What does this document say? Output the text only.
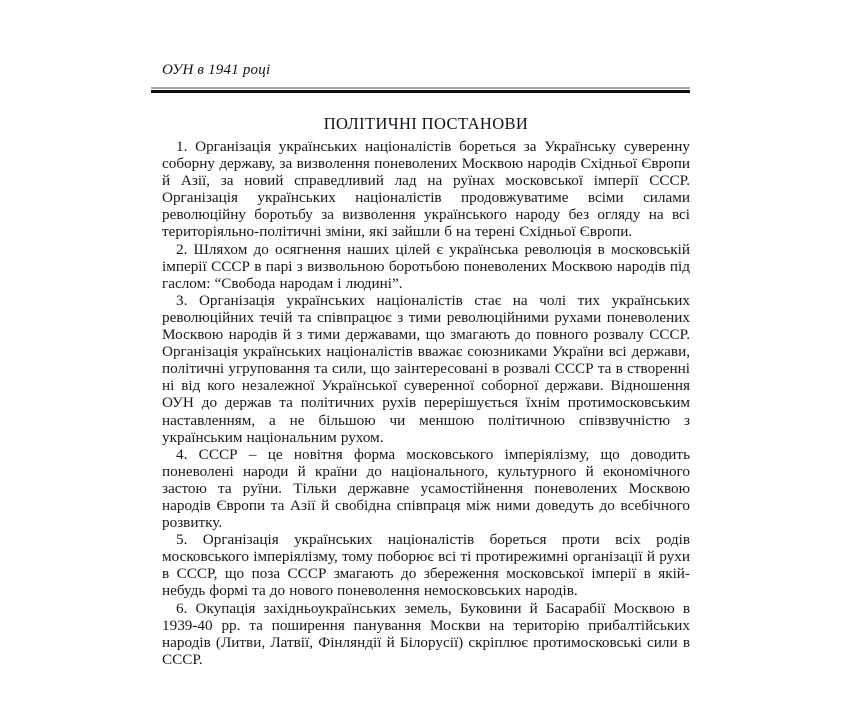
ОУН в 1941 році
ПОЛІТИЧНІ ПОСТАНОВИ

1. Організація українських націоналістів бореться за Українську суверенну соборну державу, за визволення поневолених Москвою народів Східньої Європи й Азії, за новий справедливий лад на руїнах московської імперії СССР. Організація українських націоналістів продовжуватиме всіми силами революційну боротьбу за визволення українського народу без огляду на всі територіяльно-політичні зміни, які зайшли б на терені Східньої Європи.

2. Шляхом до осягнення наших цілей є українська революція в московській імперії СССР в парі з визвольною боротьбою поневолених Москвою народів під гаслом: “Свобода народам і людині”.

3. Організація українських націоналістів стає на чолі тих українських революційних течій та співпрацює з тими революційними рухами поневолених Москвою народів й з тими державами, що змагають до повного розвалу СССР. Організація українських націоналістів вважає союзниками України всі держави, політичні угруповання та сили, що заінтересовані в розвалі СССР та в створенні ні від кого незалежної Української суверенної соборної держави. Відношення ОУН до держав та політичних рухів перерішується їхнім протимосковським наставленням, а не більшою чи меншою політичною співзвучністю з українським національним рухом.

4. СССР – це новітня форма московського імперіялізму, що доводить поневолені народи й країни до національного, культурного й економічного застою та руїни. Тільки державне усамостійнення поневолених Москвою народів Європи та Азії й свобідна співпраця між ними доведуть до всебічного розвитку.

5. Організація українських націоналістів бореться проти всіх родів московського імперіялізму, тому поборює всі ті протирежимні організації й рухи в СССР, що поза СССР змагають до збереження московської імперії в якій-небудь формі та до нового поневолення немосковських народів.

6. Окупація західньоукраїнських земель, Буковини й Басарабії Москвою в 1939-40 рр. та поширення панування Москви на територію прибалтійських народів (Литви, Латвії, Фінляндії й Білорусії) скріплює протимосковські сили в СССР.
